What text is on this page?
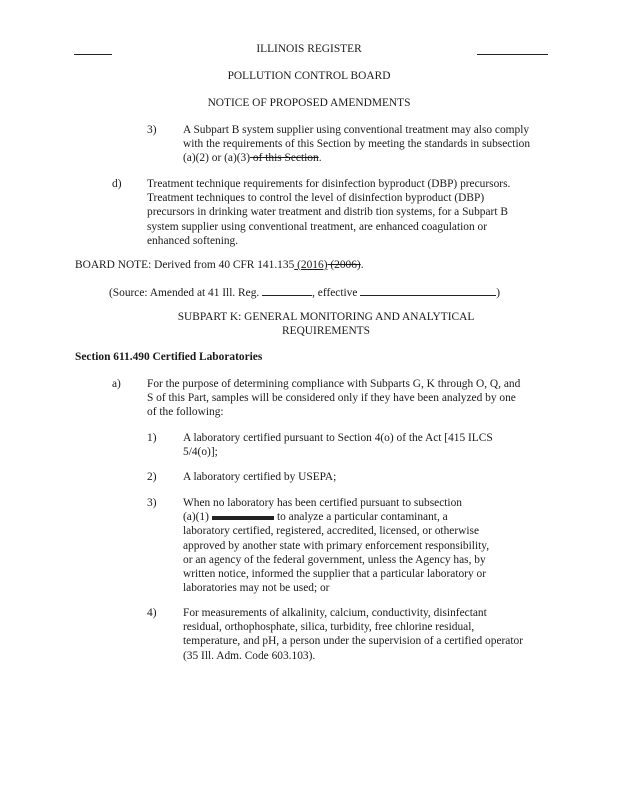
ILLINOIS REGISTER
POLLUTION CONTROL BOARD
NOTICE OF PROPOSED AMENDMENTS
3) A Subpart B system supplier using conventional treatment may also comply
with the requirements of this Section by meeting the standards in subsection
(a)(2) or (a)(3) of this Section.
d) Treatment technique requirements for disinfection byproduct (DBP) precursors.
Treatment techniques to control the level of disinfection byproduct (DBP)
precursors in drinking water treatment and distrib tion systems, for a Subpart B
system supplier using conventional treatment, are enhanced coagulation or
enhanced softening.
BOARD NOTE: Derived from 40 CFR 141.135 (2016) (2006).
(Source: Amended at 41 Ill. Reg.	, effective	)
SUBPART K: GENERAL MONITORING AND ANALYTICAL
REQUIREMENTS
Section 611.490 Certified Laboratories
a) For the purpose of determining compliance with Subparts G, K through O, Q, and
S of this Part, samples will be considered only if they have been analyzed by one
of the following:
1) A laboratory certified pursuant to Section 4(o) of the Act [415 ILCS
5/4(o)];
2) A laboratory certified by USEPA;
3) When no laboratory has been certified pursuant to subsection
(a)(1)	to analyze a particular contaminant, a
laboratory certified, registered, accredited, licensed, or otherwise
approved by another state with primary enforcement responsibility,
or an agency of the federal government, unless the Agency has, by
written notice, informed the supplier that a particular laboratory or
laboratories may not be used; or
4) For measurements of alkalinity, calcium, conductivity, disinfectant
residual, orthophosphate, silica, turbidity, free chlorine residual,
temperature, and pH, a person under the supervision of a certified operator
(35 Ill. Adm. Code 603.103).
